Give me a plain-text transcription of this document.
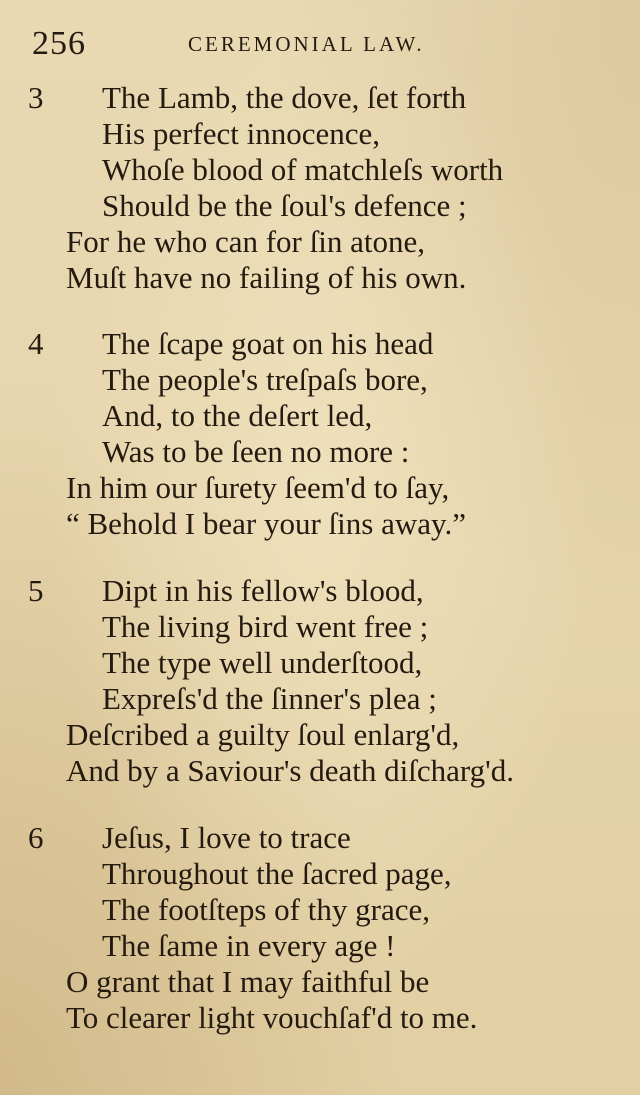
256	CEREMONIAL LAW.
3 The Lamb, the dove, ſet forth
His perfect innocence,
Whoſe blood of matchleſs worth
Should be the ſoul's defence ;
For he who can for ſin atone,
Muſt have no failing of his own.
4 The ſcape goat on his head
The people's treſpaſs bore,
And, to the deſert led,
Was to be ſeen no more :
In him our ſurety ſeem'd to ſay,
“ Behold I bear your ſins away.”
5 Dipt in his fellow's blood,
The living bird went free ;
The type well underſtood,
Expreſs'd the ſinner's plea ;
Deſcribed a guilty ſoul enlarg'd,
And by a Saviour's death diſcharg'd.
6 Jeſus, I love to trace
Throughout the ſacred page,
The footſteps of thy grace,
The ſame in every age !
O grant that I may faithful be
To clearer light vouchſaf'd to me.
